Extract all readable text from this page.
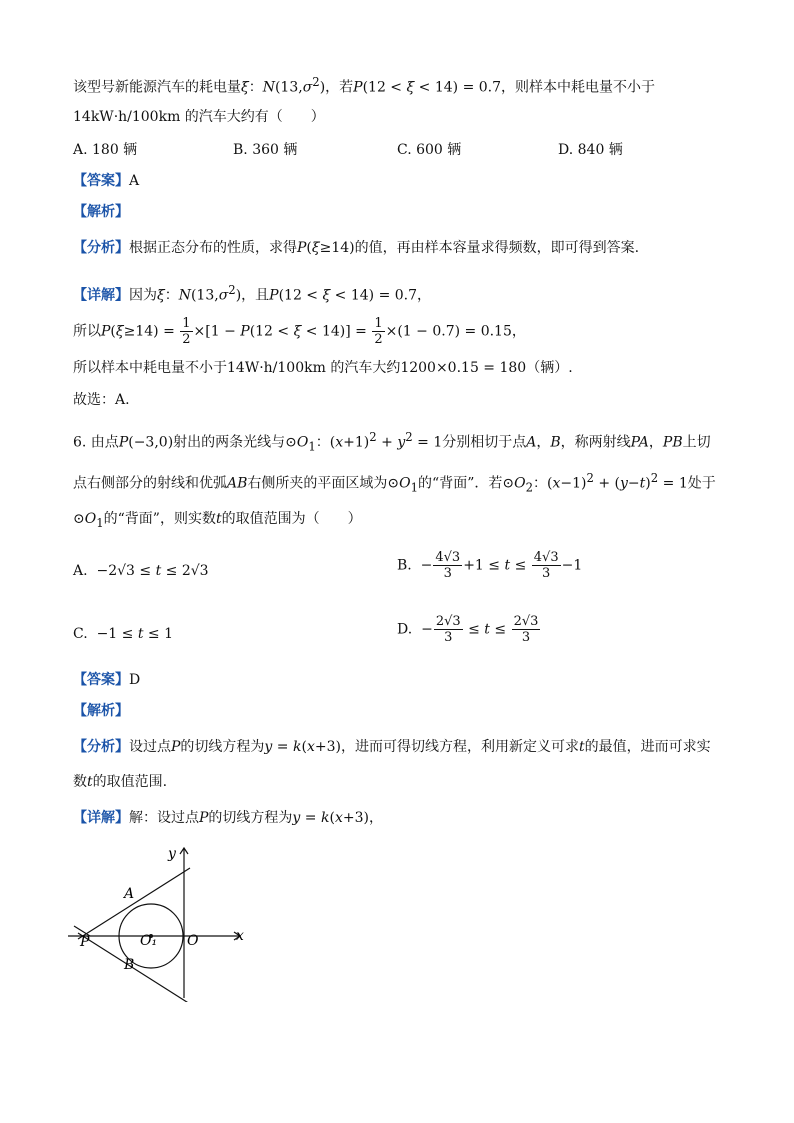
该型号新能源汽车的耗电量ξ：$N(13,\sigma^2)$，若P(12 < ξ < 14) = 0.7，则样本中耗电量不小于
14kW·h/100km 的汽车大约有（　　）
A. 180 辆	B. 360 辆	C. 600 辆	D. 840 辆
【答案】A
【解析】
【分析】根据正态分布的性质，求得P(ξ≥14)的值，再由样本容量求得频数，即可得到答案.
【详解】因为ξ：$N(13,\sigma^2)$，且P(12 < ξ < 14) = 0.7，
所以$P(\xi\ge 14) = \frac{1}{2} \times[1 - P(12 < \xi < 14)] = \frac{1}{2} \times(1 - 0.7) = 0.15$，
所以样本中耗电量不小于14W·h/100km 的汽车大约1200×0.15 = 180（辆）.
故选：A.
6. 由点P(−3,0)射出的两条光线与$⊙O_1$：$(x+1)^2 + y^2 = 1$分别相切于点A，B，称两射线PA，PB上切
点右侧部分的射线和优弧AB右侧所夹的平面区域为$⊙O_1$的“背面”．若$⊙O_2$：$(x-1)^2 + (y-t)^2 = 1$处于
$⊙O_1$的“背面”，则实数t的取值范围为（　　）
A.  −2√3 ≤ t ≤ 2√3	B.  − $\frac{4√3}{3} +1 \le t \le \frac{4√3}{3} -1$
C.  −1 ≤ t ≤ 1	D.  − $\frac{2√3}{3} \le t \le \frac{2√3}{3}$
【答案】D
【解析】
【分析】设过点P的切线方程为y = k(x+3)，进而可得切线方程，利用新定义可求t的最值，进而可求实
数t的取值范围.
【详解】解：设过点P的切线方程为y = k(x+3)，
y
x
A
B
P	O₁ O
